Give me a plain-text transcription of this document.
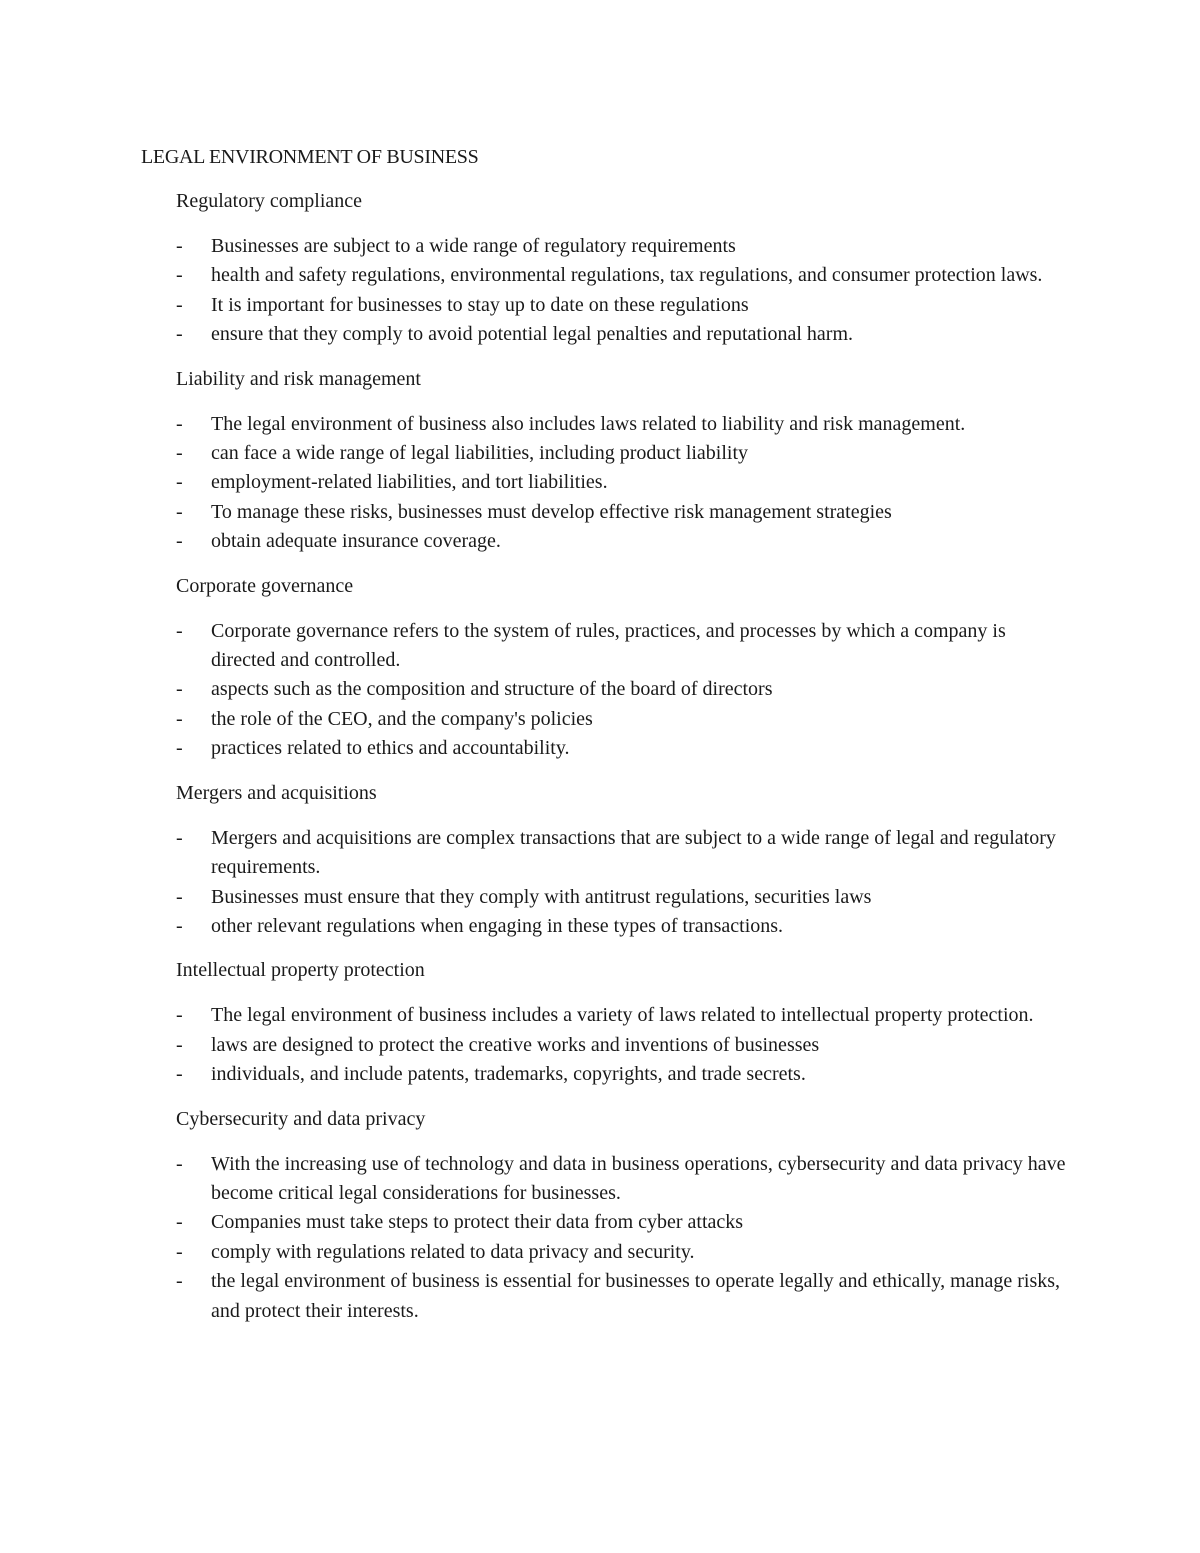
LEGAL ENVIRONMENT OF BUSINESS
Regulatory compliance
- Businesses are subject to a wide range of regulatory requirements
- health and safety regulations, environmental regulations, tax regulations, and consumer protection laws.
- It is important for businesses to stay up to date on these regulations
- ensure that they comply to avoid potential legal penalties and reputational harm.
Liability and risk management
- The legal environment of business also includes laws related to liability and risk management.
- can face a wide range of legal liabilities, including product liability
- employment-related liabilities, and tort liabilities.
- To manage these risks, businesses must develop effective risk management strategies
- obtain adequate insurance coverage.
Corporate governance
- Corporate governance refers to the system of rules, practices, and processes by which a company is directed and controlled.
- aspects such as the composition and structure of the board of directors
- the role of the CEO, and the company's policies
- practices related to ethics and accountability.
Mergers and acquisitions
- Mergers and acquisitions are complex transactions that are subject to a wide range of legal and regulatory requirements.
- Businesses must ensure that they comply with antitrust regulations, securities laws
- other relevant regulations when engaging in these types of transactions.
Intellectual property protection
- The legal environment of business includes a variety of laws related to intellectual property protection.
- laws are designed to protect the creative works and inventions of businesses
- individuals, and include patents, trademarks, copyrights, and trade secrets.
Cybersecurity and data privacy
- With the increasing use of technology and data in business operations, cybersecurity and data privacy have become critical legal considerations for businesses.
- Companies must take steps to protect their data from cyber attacks
- comply with regulations related to data privacy and security.
- the legal environment of business is essential for businesses to operate legally and ethically, manage risks, and protect their interests.
